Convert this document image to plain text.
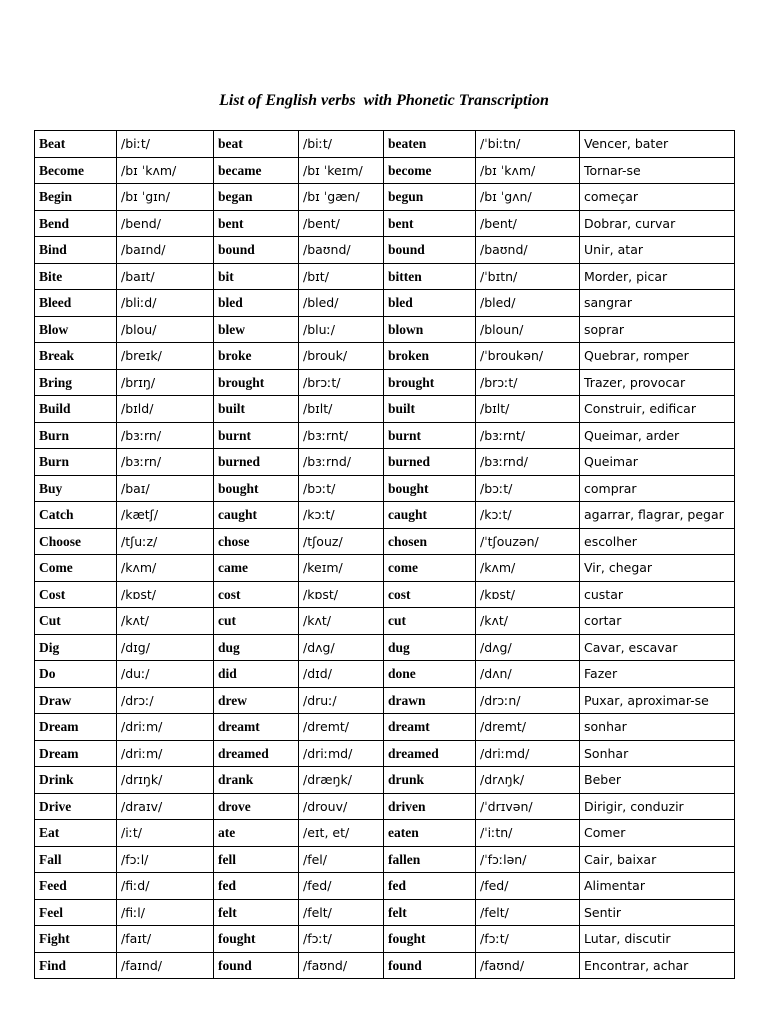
List of English verbs  with Phonetic Transcription
Beat	/biːt/	beat	/biːt/	beaten	/ˈbiːtn/	Vencer, bater
Become	/bɪ ˈkʌm/	became	/bɪ ˈkeɪm/	become	/bɪ ˈkʌm/	Tornar-se
Begin	/bɪ ˈgɪn/	began	/bɪ ˈgæn/	begun	/bɪ ˈgʌn/	começar
Bend	/bend/	bent	/bent/	bent	/bent/	Dobrar, curvar
Bind	/baɪnd/	bound	/baʊnd/	bound	/baʊnd/	Unir, atar
Bite	/baɪt/	bit	/bɪt/	bitten	/ˈbɪtn/	Morder, picar
Bleed	/bliːd/	bled	/bled/	bled	/bled/	sangrar
Blow	/blou/	blew	/bluː/	blown	/bloun/	soprar
Break	/breɪk/	broke	/brouk/	broken	/ˈbroukən/	Quebrar, romper
Bring	/brɪŋ/	brought	/brɔːt/	brought	/brɔːt/	Trazer, provocar
Build	/bɪld/	built	/bɪlt/	built	/bɪlt/	Construir, edificar
Burn	/bɜːrn/	burnt	/bɜːrnt/	burnt	/bɜːrnt/	Queimar, arder
Burn	/bɜːrn/	burned	/bɜːrnd/	burned	/bɜːrnd/	Queimar
Buy	/baɪ/	bought	/bɔːt/	bought	/bɔːt/	comprar
Catch	/kætʃ/	caught	/kɔːt/	caught	/kɔːt/	agarrar, flagrar, pegar
Choose	/tʃuːz/	chose	/tʃouz/	chosen	/ˈtʃouzən/	escolher
Come	/kʌm/	came	/keɪm/	come	/kʌm/	Vir, chegar
Cost	/kɒst/	cost	/kɒst/	cost	/kɒst/	custar
Cut	/kʌt/	cut	/kʌt/	cut	/kʌt/	cortar
Dig	/dɪg/	dug	/dʌg/	dug	/dʌg/	Cavar, escavar
Do	/duː/	did	/dɪd/	done	/dʌn/	Fazer
Draw	/drɔː/	drew	/druː/	drawn	/drɔːn/	Puxar, aproximar-se
Dream	/driːm/	dreamt	/dremt/	dreamt	/dremt/	sonhar
Dream	/driːm/	dreamed	/driːmd/	dreamed	/driːmd/	Sonhar
Drink	/drɪŋk/	drank	/dræŋk/	drunk	/drʌŋk/	Beber
Drive	/draɪv/	drove	/drouv/	driven	/ˈdrɪvən/	Dirigir, conduzir
Eat	/iːt/	ate	/eɪt, et/	eaten	/ˈiːtn/	Comer
Fall	/fɔːl/	fell	/fel/	fallen	/ˈfɔːlən/	Cair, baixar
Feed	/fiːd/	fed	/fed/	fed	/fed/	Alimentar
Feel	/fiːl/	felt	/felt/	felt	/felt/	Sentir
Fight	/faɪt/	fought	/fɔːt/	fought	/fɔːt/	Lutar, discutir
Find	/faɪnd/	found	/faʊnd/	found	/faʊnd/	Encontrar, achar
